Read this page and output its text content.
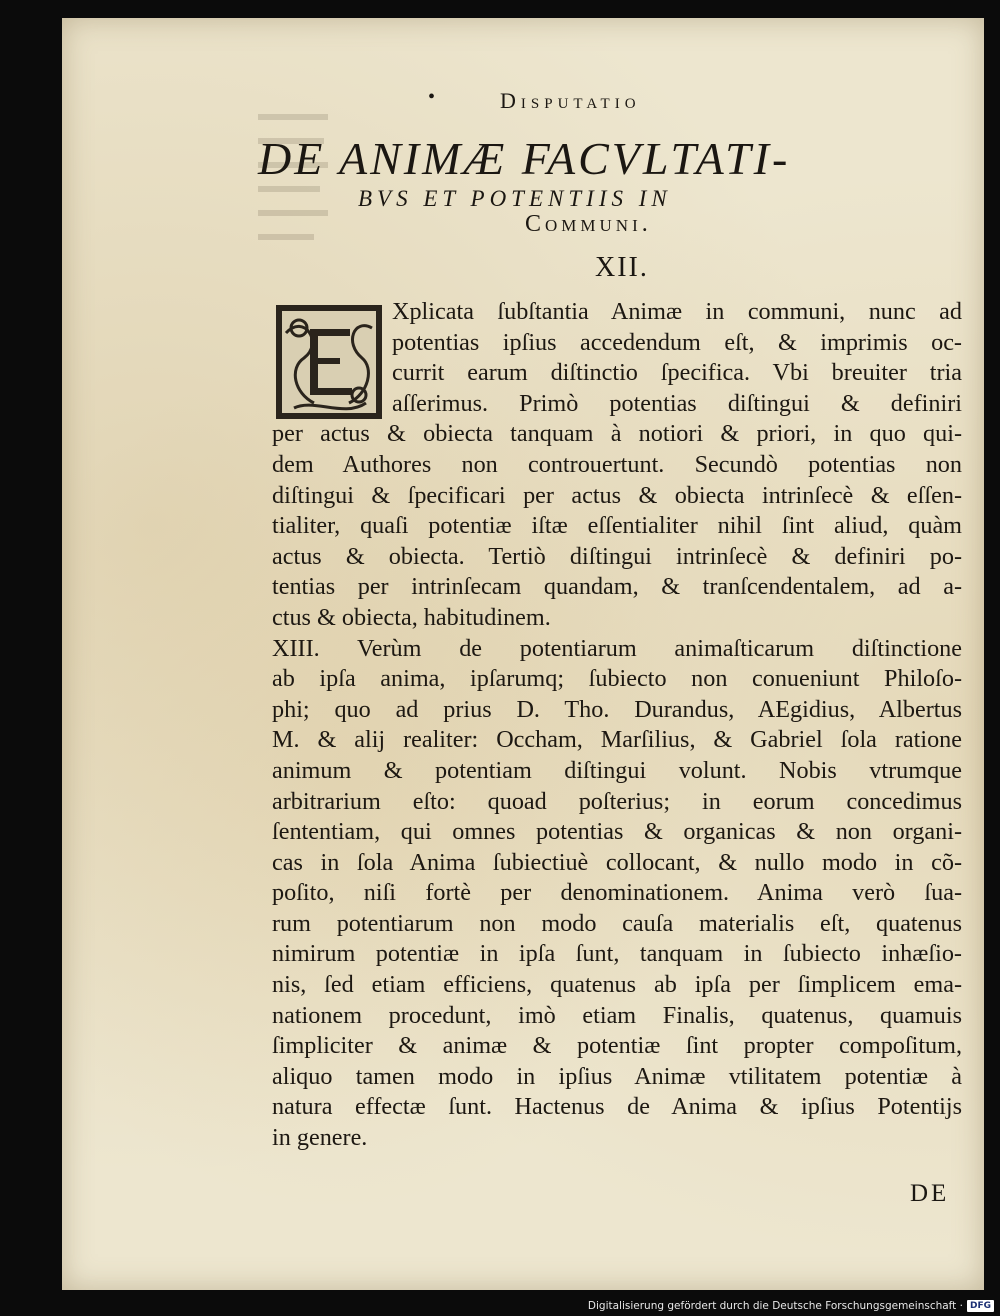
•	Disputatio
DE ANIMÆ FACVLTATI-
BVS ET POTENTIIS IN
Communi.
XII.
Xplicata ſubſtantia Animæ in communi, nunc ad
potentias ipſius accedendum eſt, & imprimis oc-
currit earum diſtinctio ſpecifica. Vbi breuiter tria
aſſerimus. Primò potentias diſtingui & definiri
per actus & obiecta tanquam à notiori & priori, in quo qui-
dem Authores non controuertunt. Secundò potentias non
diſtingui & ſpecificari per actus & obiecta intrinſecè & eſſen-
tialiter, quaſi potentiæ iſtæ eſſentialiter nihil ſint aliud, quàm
actus & obiecta. Tertiò diſtingui intrinſecè & definiri po-
tentias per intrinſecam quandam, & tranſcendentalem, ad a-
ctus & obiecta, habitudinem.
XIII. Verùm de potentiarum animaſticarum diſtinctione
ab ipſa anima, ipſarumq; ſubiecto non conueniunt Philoſo-
phi; quo ad prius D. Tho. Durandus, AEgidius, Albertus
M. & alij realiter: Occham, Marſilius, & Gabriel ſola ratione
animum & potentiam diſtingui volunt. Nobis vtrumque
arbitrarium eſto: quoad poſterius; in eorum concedimus
ſententiam, qui omnes potentias & organicas & non organi-
cas in ſola Anima ſubiectiuè collocant, & nullo modo in cõ-
poſito, niſi fortè per denominationem. Anima verò ſua-
rum potentiarum non modo cauſa materialis eſt, quatenus
nimirum potentiæ in ipſa ſunt, tanquam in ſubiecto inhæſio-
nis, ſed etiam efficiens, quatenus ab ipſa per ſimplicem ema-
nationem procedunt, imò etiam Finalis, quatenus, quamuis
ſimpliciter & animæ & potentiæ ſint propter compoſitum,
aliquo tamen modo in ipſius Animæ vtilitatem potentiæ à
natura effectæ ſunt. Hactenus de Anima & ipſius Potentijs
in genere.
DE
Digitalisierung gefördert durch die Deutsche Forschungsgemeinschaft · DFG
